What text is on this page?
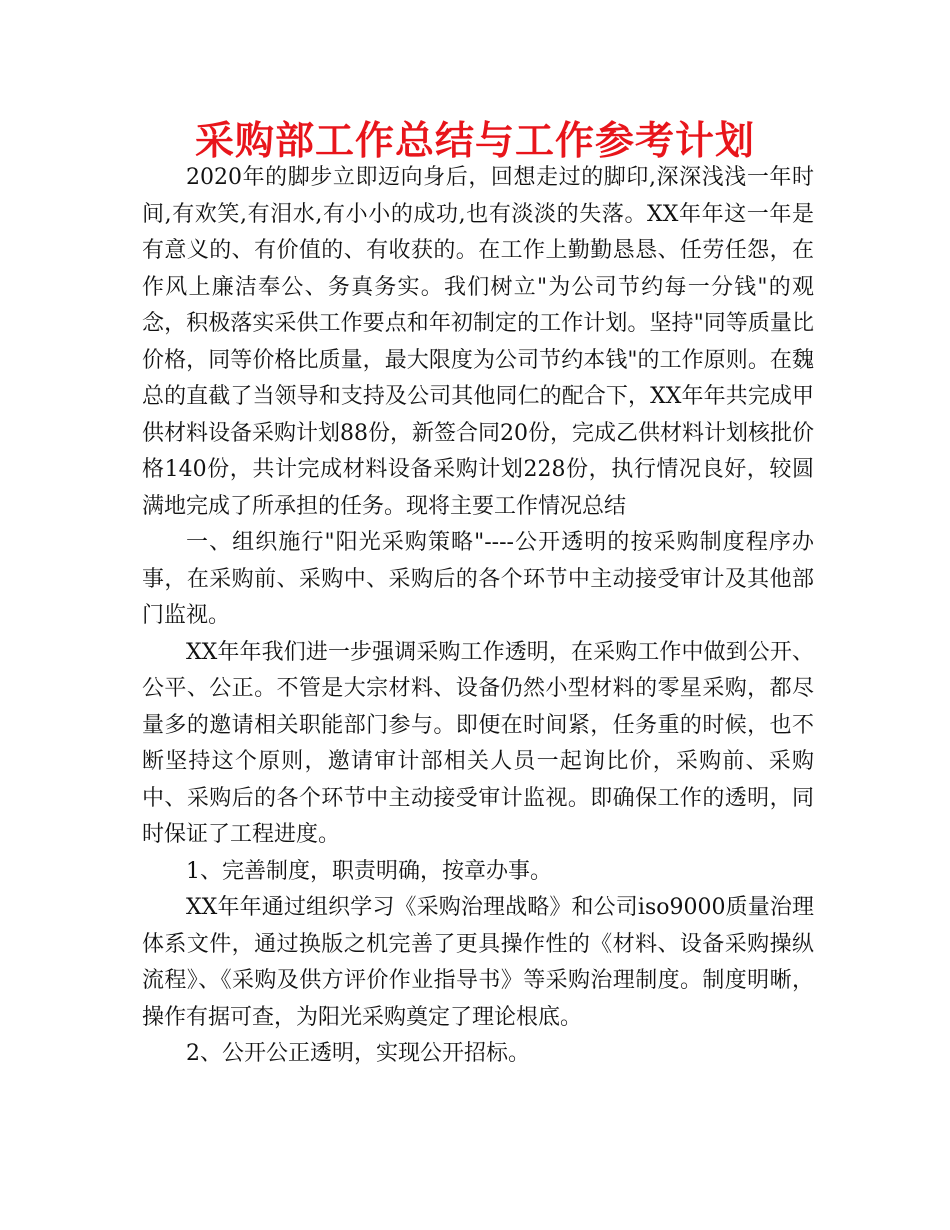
采购部工作总结与工作参考计划

2020年的脚步立即迈向身后，回想走过的脚印,深深浅浅一年时间,有欢笑,有泪水,有小小的成功,也有淡淡的失落。XX年年这一年是有意义的、有价值的、有收获的。在工作上勤勤恳恳、任劳任怨，在作风上廉洁奉公、务真务实。我们树立"为公司节约每一分钱"的观念，积极落实采供工作要点和年初制定的工作计划。坚持"同等质量比价格，同等价格比质量，最大限度为公司节约本钱"的工作原则。在魏总的直截了当领导和支持及公司其他同仁的配合下，XX年年共完成甲供材料设备采购计划88份，新签合同20份，完成乙供材料计划核批价格140份，共计完成材料设备采购计划228份，执行情况良好，较圆满地完成了所承担的任务。现将主要工作情况总结

一、组织施行"阳光采购策略"----公开透明的按采购制度程序办事，在采购前、采购中、采购后的各个环节中主动接受审计及其他部门监视。

XX年年我们进一步强调采购工作透明，在采购工作中做到公开、公平、公正。不管是大宗材料、设备仍然小型材料的零星采购，都尽量多的邀请相关职能部门参与。即便在时间紧，任务重的时候，也不断坚持这个原则，邀请审计部相关人员一起询比价，采购前、采购中、采购后的各个环节中主动接受审计监视。即确保工作的透明，同时保证了工程进度。

1、完善制度，职责明确，按章办事。

XX年年通过组织学习《采购治理战略》和公司iso9000质量治理体系文件，通过换版之机完善了更具操作性的《材料、设备采购操纵流程》、《采购及供方评价作业指导书》等采购治理制度。制度明晰，操作有据可查，为阳光采购奠定了理论根底。

2、公开公正透明，实现公开招标。
